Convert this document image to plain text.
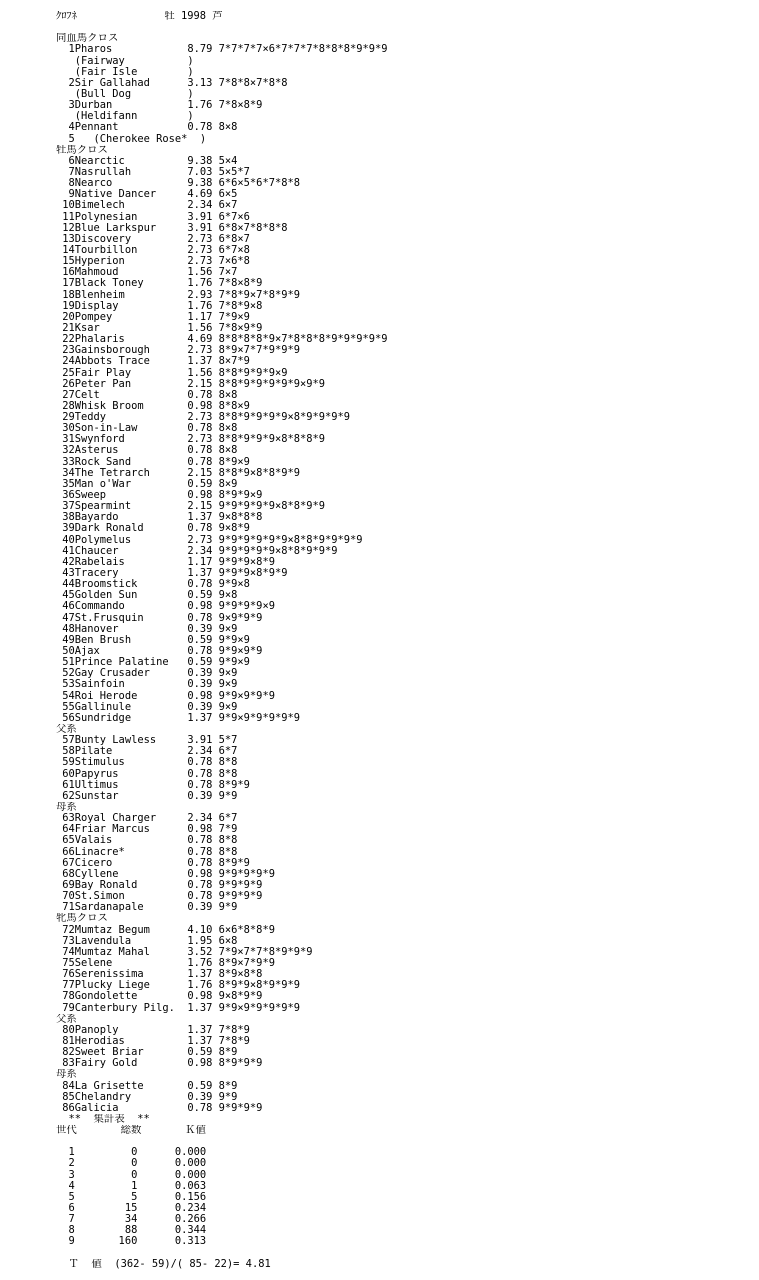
ｸﾛﾌﾈ              牡 1998 芦
同血馬クロス
1Pharos            8.79 7*7*7*7×6*7*7*7*8*8*8*9*9*9
(Fairway          )
(Fair Isle        )
2Sir Gallahad      3.13 7*8*8×7*8*8
(Bull Dog         )
3Durban            1.76 7*8×8*9
(Heldifann        )
4Pennant           0.78 8×8
5   (Cherokee Rose*  )
牡馬クロス
6Nearctic          9.38 5×4
7Nasrullah         7.03 5×5*7
8Nearco            9.38 6*6×5*6*7*8*8
9Native Dancer     4.69 6×5
10Bimelech          2.34 6×7
11Polynesian        3.91 6*7×6
12Blue Larkspur     3.91 6*8×7*8*8*8
13Discovery         2.73 6*8×7
14Tourbillon        2.73 6*7×8
15Hyperion          2.73 7×6*8
16Mahmoud           1.56 7×7
17Black Toney       1.76 7*8×8*9
18Blenheim          2.93 7*8*9×7*8*9*9
19Display           1.76 7*8*9×8
20Pompey            1.17 7*9×9
21Ksar              1.56 7*8×9*9
22Phalaris          4.69 8*8*8*8*9×7*8*8*8*9*9*9*9*9
23Gainsborough      2.73 8*9×7*7*9*9*9
24Abbots Trace      1.37 8×7*9
25Fair Play         1.56 8*8*9*9*9×9
26Peter Pan         2.15 8*8*9*9*9*9*9×9*9
27Celt              0.78 8×8
28Whisk Broom       0.98 8*8×9
29Teddy             2.73 8*8*9*9*9*9×8*9*9*9*9
30Son-in-Law        0.78 8×8
31Swynford          2.73 8*8*9*9*9×8*8*8*9
32Asterus           0.78 8×8
33Rock Sand         0.78 8*9×9
34The Tetrarch      2.15 8*8*9×8*8*9*9
35Man o'War         0.59 8×9
36Sweep             0.98 8*9*9×9
37Spearmint         2.15 9*9*9*9*9×8*8*9*9
38Bayardo           1.37 9×8*8*8
39Dark Ronald       0.78 9×8*9
40Polymelus         2.73 9*9*9*9*9*9×8*8*9*9*9*9
41Chaucer           2.34 9*9*9*9*9×8*8*9*9*9
42Rabelais          1.17 9*9*9×8*9
43Tracery           1.37 9*9*9×8*9*9
44Broomstick        0.78 9*9×8
45Golden Sun        0.59 9×8
46Commando          0.98 9*9*9*9×9
47St.Frusquin       0.78 9×9*9*9
48Hanover           0.39 9×9
49Ben Brush         0.59 9*9×9
50Ajax              0.78 9*9×9*9
51Prince Palatine   0.59 9*9×9
52Gay Crusader      0.39 9×9
53Sainfoin          0.39 9×9
54Roi Herode        0.98 9*9×9*9*9
55Gallinule         0.39 9×9
56Sundridge         1.37 9*9×9*9*9*9*9
父系
57Bunty Lawless     3.91 5*7
58Pilate            2.34 6*7
59Stimulus          0.78 8*8
60Papyrus           0.78 8*8
61Ultimus           0.78 8*9*9
62Sunstar           0.39 9*9
母系
63Royal Charger     2.34 6*7
64Friar Marcus      0.98 7*9
65Valais            0.78 8*8
66Linacre*          0.78 8*8
67Cicero            0.78 8*9*9
68Cyllene           0.98 9*9*9*9*9
69Bay Ronald        0.78 9*9*9*9
70St.Simon          0.78 9*9*9*9
71Sardanapale       0.39 9*9
牝馬クロス
72Mumtaz Begum      4.10 6×6*8*8*9
73Lavendula         1.95 6×8
74Mumtaz Mahal      3.52 7*9×7*7*8*9*9*9
75Selene            1.76 8*9×7*9*9
76Serenissima       1.37 8*9×8*8
77Plucky Liege      1.76 8*9*9×8*9*9*9
78Gondolette        0.98 9×8*9*9
79Canterbury Pilg.  1.37 9*9×9*9*9*9*9
父系
80Panoply           1.37 7*8*9
81Herodias          1.37 7*8*9
82Sweet Briar       0.59 8*9
83Fairy Gold        0.98 8*9*9*9
母系
84La Grisette       0.59 8*9
85Chelandry         0.39 9*9
86Galicia           0.78 9*9*9*9
**  集計表  **
世代       総数       Ｋ値
1         0      0.000
2         0      0.000
3         0      0.000
4         1      0.063
5         5      0.156
6        15      0.234
7        34      0.266
8        88      0.344
9       160      0.313
Ｔ  値  (362- 59)/( 85- 22)= 4.81
